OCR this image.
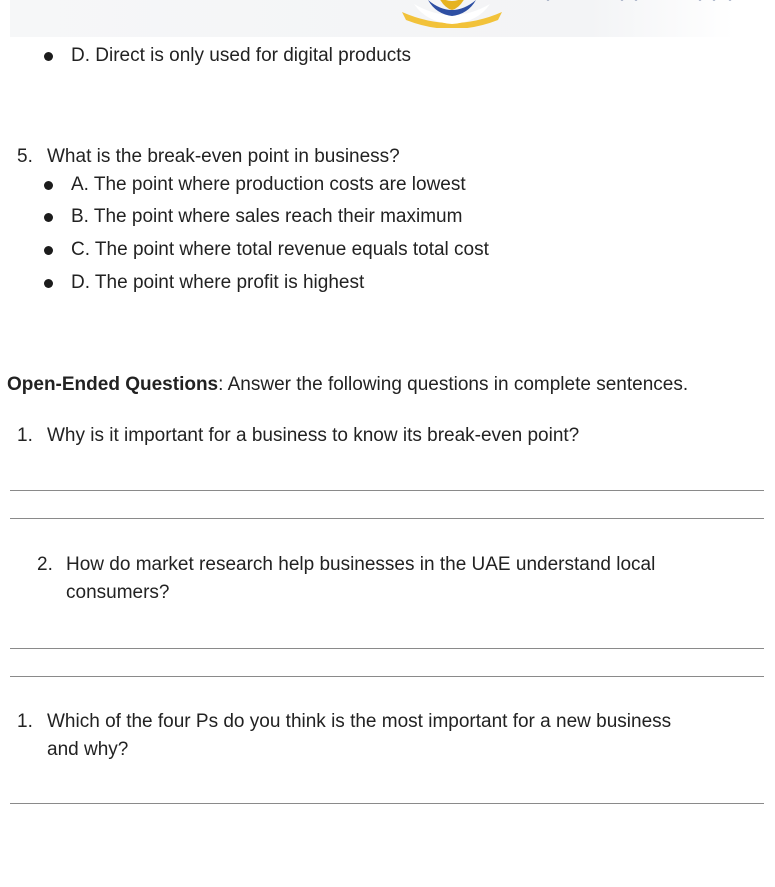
D. Direct is only used for digital products
5. What is the break-even point in business?
A. The point where production costs are lowest
B. The point where sales reach their maximum
C. The point where total revenue equals total cost
D. The point where profit is highest
Open-Ended Questions: Answer the following questions in complete sentences.
1. Why is it important for a business to know its break-even point?
2. How do market research help businesses in the UAE understand local
consumers?
1. Which of the four Ps do you think is the most important for a new business
and why?
